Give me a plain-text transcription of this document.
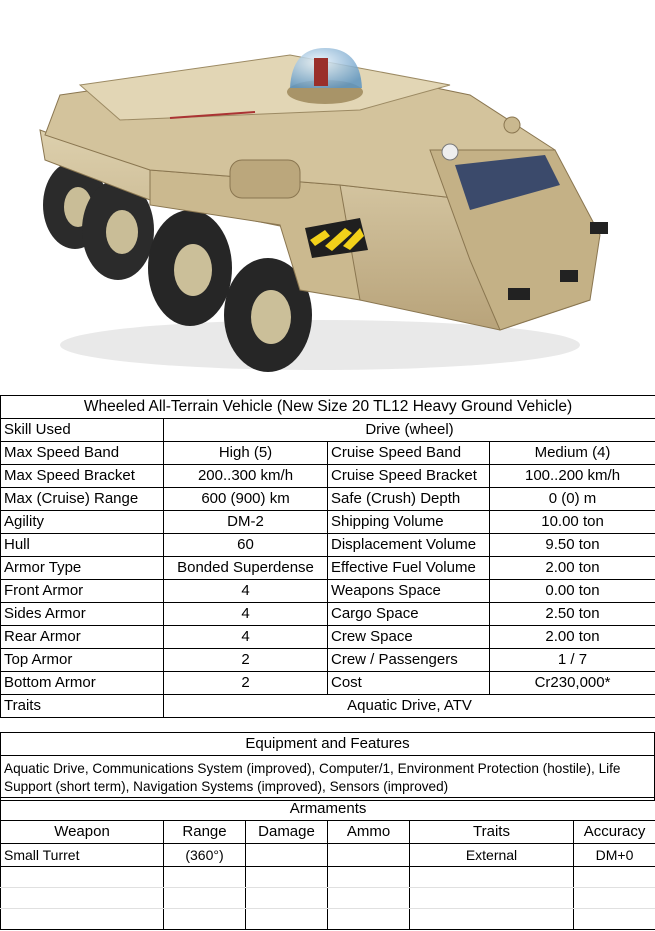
Wheeled All-Terrain Vehicle (New Size 20 TL12 Heavy Ground Vehicle)			
Skill Used	Drive (wheel)		
Max Speed Band	High (5)	Cruise Speed Band	Medium (4)
Max Speed Bracket	200..300 km/h	Cruise Speed Bracket	100..200 km/h
Max (Cruise) Range	600 (900) km	Safe (Crush) Depth	0 (0) m
Agility	DM-2	Shipping Volume	10.00 ton
Hull	60	Displacement Volume	9.50 ton
Armor Type	Bonded Superdense	Effective Fuel Volume	2.00 ton
Front Armor	4	Weapons Space	0.00 ton
Sides Armor	4	Cargo Space	2.50 ton
Rear Armor	4	Crew Space	2.00 ton
Top Armor	2	Crew / Passengers	1 / 7
Bottom Armor	2	Cost	Cr230,000*
Traits	Aquatic Drive, ATV		
Equipment and Features
Aquatic Drive, Communications System (improved), Computer/1, Environment Protection (hostile), Life Support (short term), Navigation Systems (improved), Sensors (improved)
Armaments					
Weapon	Range	Damage	Ammo	Traits	Accuracy
Small Turret	(360°)			External	DM+0
